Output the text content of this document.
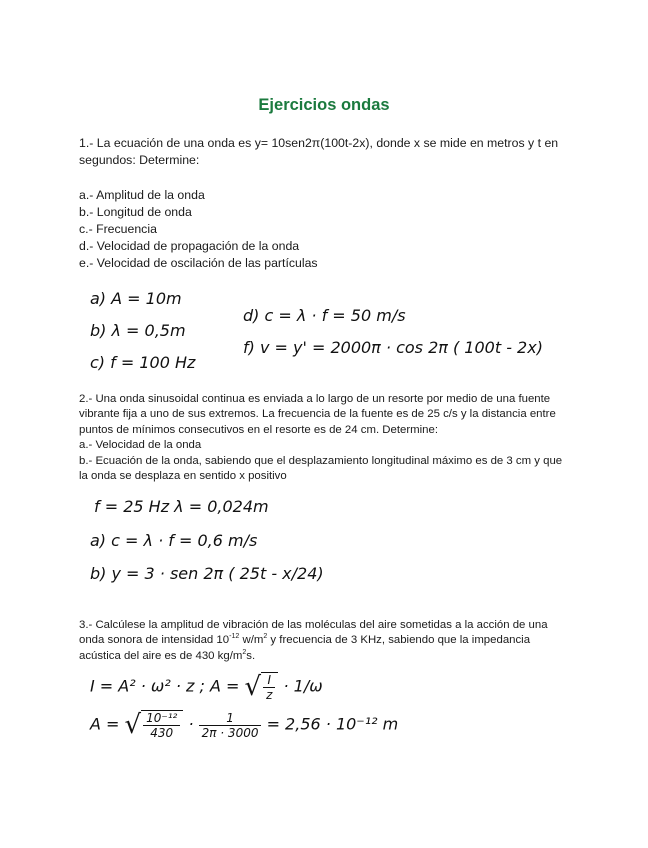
Ejercicios ondas
1.- La ecuación de una onda es y= 10sen2π(100t-2x), donde x se mide en metros y t en
segundos: Determine:
a.- Amplitud de la onda
b.- Longitud de onda
c.- Frecuencia
d.- Velocidad de propagación de la onda
e.- Velocidad de oscilación de las partículas
a) A = 10m
b) λ = 0,5m
c) f = 100 Hz
d) c = λ · f = 50 m/s
f) v = y' = 2000π · cos 2π ( 100t - 2x)
2.- Una onda sinusoidal continua es enviada a lo largo de un resorte por medio de una fuente
vibrante fija a uno de sus extremos. La frecuencia de la fuente es de 25 c/s y la distancia entre
puntos de mínimos consecutivos en el resorte es de 24 cm. Determine:
a.- Velocidad de la onda
b.- Ecuación de la onda, sabiendo que el desplazamiento longitudinal máximo es de 3 cm y que
la onda se desplaza en sentido x positivo
f = 25 Hz λ = 0,024m
a) c = λ · f = 0,6 m/s
b) y = 3 · sen 2π ( 25t - x/24)
3.- Calcúlese la amplitud de vibración de las moléculas del aire sometidas a la acción de una
onda sonora de intensidad $10^{-12}$ $w/m^2$ y frecuencia de 3 KHz, sabiendo que la impedancia
acústica del aire es de 430 $kg/m^2s$.
I = A² · ω² · z ; A = √ $\frac{I}{z} \cdot 1/\omega$
A = √ $\frac{\text{10⁻¹²}}{430} \cdot \frac{1}{2\pi \cdot 3000} = 2,56 \cdot 10^{-12}$ m
